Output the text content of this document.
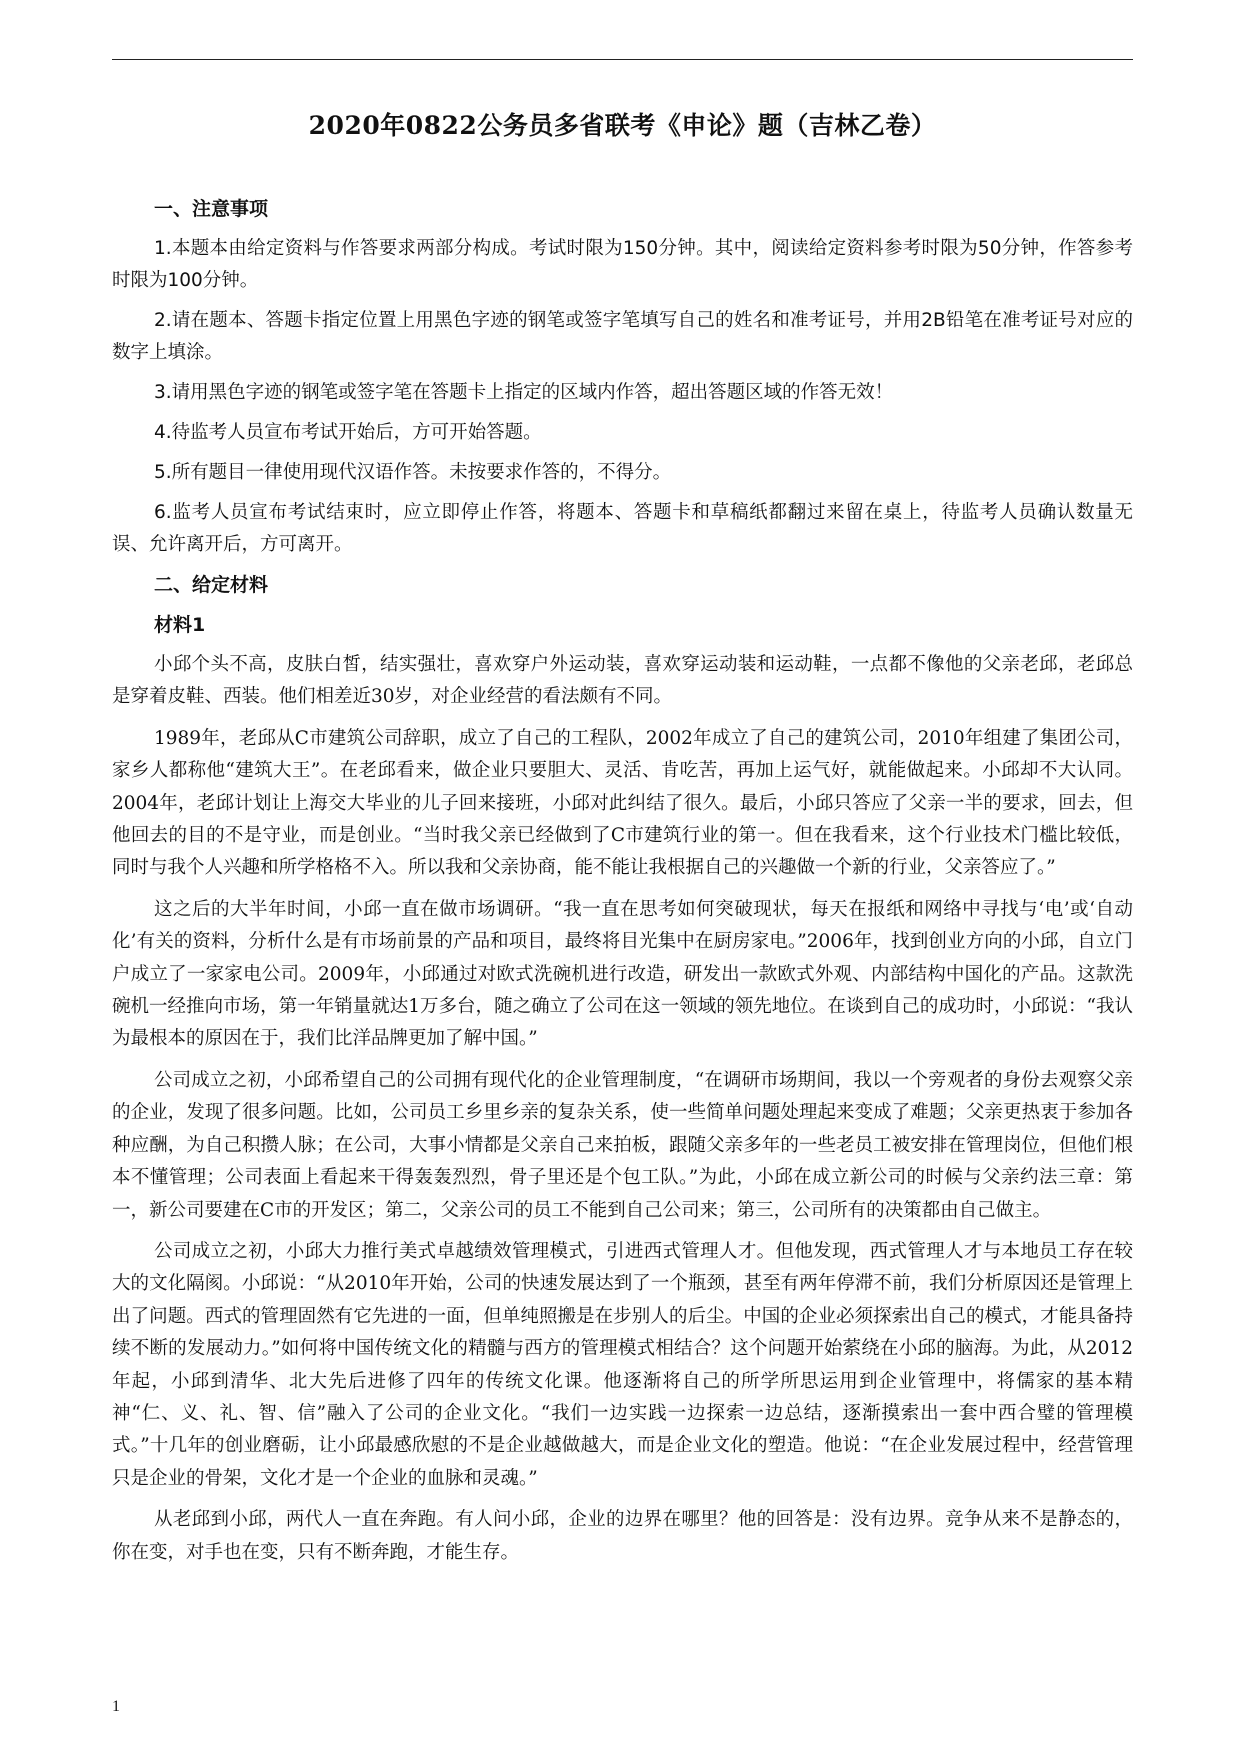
2020年0822公务员多省联考《申论》题（吉林乙卷）
一、注意事项

1.本题本由给定资料与作答要求两部分构成。考试时限为150分钟。其中，阅读给定资料参考时限为50分钟，作答参考时限为100分钟。

2.请在题本、答题卡指定位置上用黑色字迹的钢笔或签字笔填写自己的姓名和准考证号，并用2B铅笔在准考证号对应的数字上填涂。

3.请用黑色字迹的钢笔或签字笔在答题卡上指定的区域内作答，超出答题区域的作答无效！

4.待监考人员宣布考试开始后，方可开始答题。

5.所有题目一律使用现代汉语作答。未按要求作答的，不得分。

6.监考人员宣布考试结束时，应立即停止作答，将题本、答题卡和草稿纸都翻过来留在桌上，待监考人员确认数量无误、允许离开后，方可离开。

二、给定材料
材料1

小邱个头不高，皮肤白皙，结实强壮，喜欢穿户外运动装，喜欢穿运动装和运动鞋，一点都不像他的父亲老邱，老邱总是穿着皮鞋、西装。他们相差近30岁，对企业经营的看法颇有不同。

1989年，老邱从C市建筑公司辞职，成立了自己的工程队，2002年成立了自己的建筑公司，2010年组建了集团公司，家乡人都称他“建筑大王”。在老邱看来，做企业只要胆大、灵活、肯吃苦，再加上运气好，就能做起来。小邱却不大认同。2004年，老邱计划让上海交大毕业的儿子回来接班，小邱对此纠结了很久。最后，小邱只答应了父亲一半的要求，回去，但他回去的目的不是守业，而是创业。“当时我父亲已经做到了C市建筑行业的第一。但在我看来，这个行业技术门槛比较低，同时与我个人兴趣和所学格格不入。所以我和父亲协商，能不能让我根据自己的兴趣做一个新的行业，父亲答应了。”

这之后的大半年时间，小邱一直在做市场调研。“我一直在思考如何突破现状，每天在报纸和网络中寻找与‘电’或‘自动化’有关的资料，分析什么是有市场前景的产品和项目，最终将目光集中在厨房家电。”2006年，找到创业方向的小邱，自立门户成立了一家家电公司。2009年，小邱通过对欧式洗碗机进行改造，研发出一款欧式外观、内部结构中国化的产品。这款洗碗机一经推向市场，第一年销量就达1万多台，随之确立了公司在这一领域的领先地位。在谈到自己的成功时，小邱说：“我认为最根本的原因在于，我们比洋品牌更加了解中国。”

公司成立之初，小邱希望自己的公司拥有现代化的企业管理制度，“在调研市场期间，我以一个旁观者的身份去观察父亲的企业，发现了很多问题。比如，公司员工乡里乡亲的复杂关系，使一些简单问题处理起来变成了难题；父亲更热衷于参加各种应酬，为自己积攒人脉；在公司，大事小情都是父亲自己来拍板，跟随父亲多年的一些老员工被安排在管理岗位，但他们根本不懂管理；公司表面上看起来干得轰轰烈烈，骨子里还是个包工队。”为此，小邱在成立新公司的时候与父亲约法三章：第一，新公司要建在C市的开发区；第二，父亲公司的员工不能到自己公司来；第三，公司所有的决策都由自己做主。

公司成立之初，小邱大力推行美式卓越绩效管理模式，引进西式管理人才。但他发现，西式管理人才与本地员工存在较大的文化隔阂。小邱说：“从2010年开始，公司的快速发展达到了一个瓶颈，甚至有两年停滞不前，我们分析原因还是管理上出了问题。西式的管理固然有它先进的一面，但单纯照搬是在步别人的后尘。中国的企业必须探索出自己的模式，才能具备持续不断的发展动力。”如何将中国传统文化的精髓与西方的管理模式相结合？这个问题开始萦绕在小邱的脑海。为此，从2012年起，小邱到清华、北大先后进修了四年的传统文化课。他逐渐将自己的所学所思运用到企业管理中，将儒家的基本精神“仁、义、礼、智、信”融入了公司的企业文化。“我们一边实践一边探索一边总结，逐渐摸索出一套中西合璧的管理模式。”十几年的创业磨砺，让小邱最感欣慰的不是企业越做越大，而是企业文化的塑造。他说：“在企业发展过程中，经营管理只是企业的骨架，文化才是一个企业的血脉和灵魂。”

从老邱到小邱，两代人一直在奔跑。有人问小邱，企业的边界在哪里？他的回答是：没有边界。竞争从来不是静态的，你在变，对手也在变，只有不断奔跑，才能生存。

1
